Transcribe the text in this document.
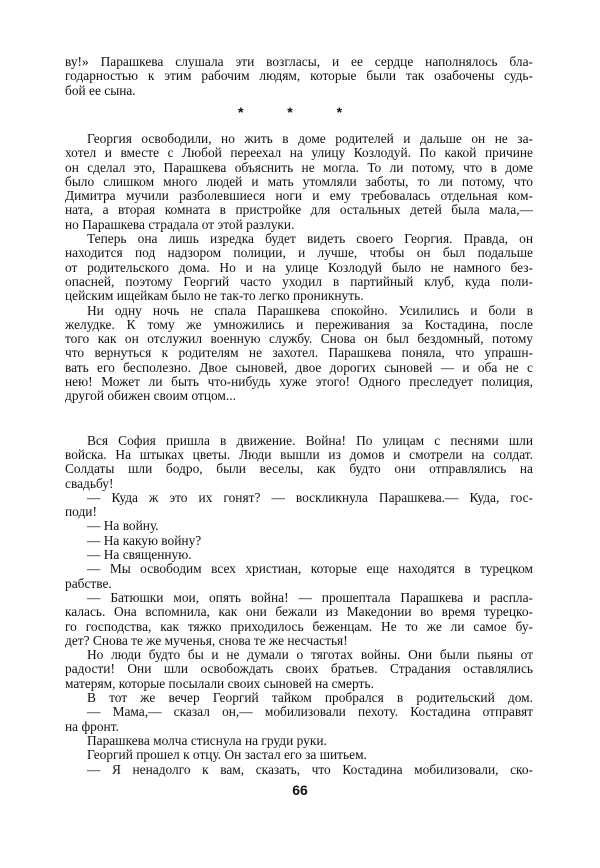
ву!» Парашкева слушала эти возгласы, и ее сердце наполнялось бла-
годарностью к этим рабочим людям, которые были так озабочены судь-
бой ее сына.
* * *
Георгия освободили, но жить в доме родителей и дальше он не за-
хотел и вместе с Любой переехал на улицу Козлодуй. По какой причине
он сделал это, Парашкева объяснить не могла. То ли потому, что в доме
было слишком много людей и мать утомляли заботы, то ли потому, что
Димитра мучили разболевшиеся ноги и ему требовалась отдельная ком-
ната, а вторая комната в пристройке для остальных детей была мала,—
но Парашкева страдала от этой разлуки.
Теперь она лишь изредка будет видеть своего Георгия. Правда, он
находится под надзором полиции, и лучше, чтобы он был подальше
от родительского дома. Но и на улице Козлодуй было не намного без-
опасней, поэтому Георгий часто уходил в партийный клуб, куда поли-
цейским ищейкам было не так-то легко проникнуть.
Ни одну ночь не спала Парашкева спокойно. Усилились и боли в
желудке. К тому же умножились и переживания за Костадина, после
того как он отслужил военную службу. Снова он был бездомный, потому
что вернуться к родителям не захотел. Парашкева поняла, что упрашн-
вать его бесполезно. Двое сыновей, двое дорогих сыновей — и оба не с
нею! Может ли быть что-нибудь хуже этого! Одного преследует полиция,
другой обижен своим отцом...
Вся София пришла в движение. Война! По улицам с песнями шли
войска. На штыках цветы. Люди вышли из домов и смотрели на солдат.
Солдаты шли бодро, были веселы, как будто они отправлялись на
свадьбу!
— Куда ж это их гонят? — воскликнула Парашкева.— Куда, гос-
поди!
— На войну.
— На какую войну?
— На священную.
— Мы освободим всех христиан, которые еще находятся в турецком
рабстве.
— Батюшки мои, опять война! — прошептала Парашкева и распла-
калась. Она вспомнила, как они бежали из Македонии во время турецко-
го господства, как тяжко приходилось беженцам. Не то же ли самое бу-
дет? Снова те же мученья, снова те же несчастья!
Но люди будто бы и не думали о тяготах войны. Они были пьяны от
радости! Они шли освобождать своих братьев. Страдания оставлялись
матерям, которые посылали своих сыновей на смерть.
В тот же вечер Георгий тайком пробрался в родительский дом.
— Мама,— сказал он,— мобилизовали пехоту. Костадина отправят
на фронт.
Парашкева молча стиснула на груди руки.
Георгий прошел к отцу. Он застал его за шитьем.
— Я ненадолго к вам, сказать, что Костадина мобилизовали, ско-
66
